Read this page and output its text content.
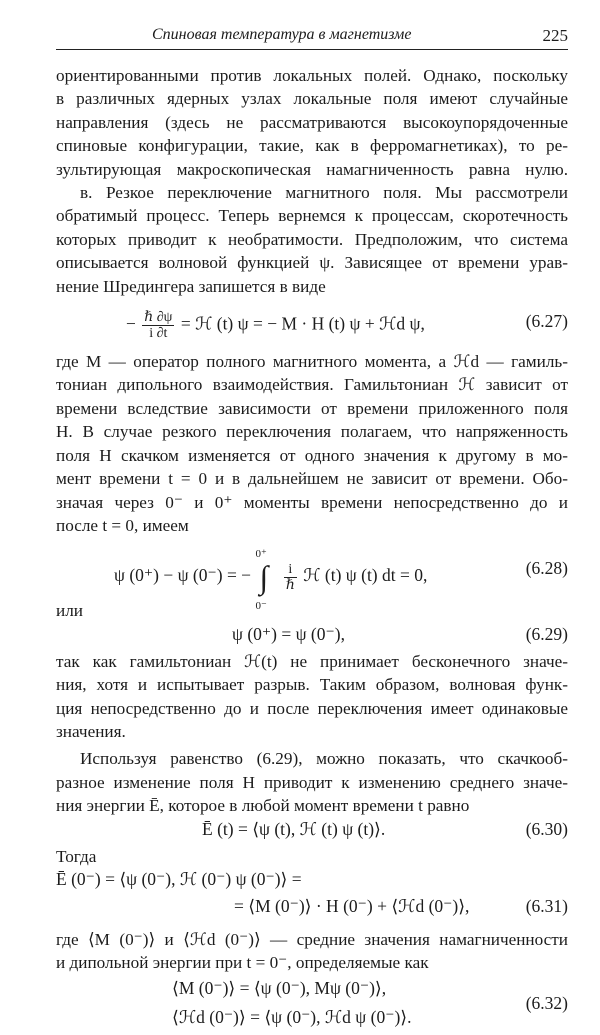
Спиновая температура в магнетизме	225

ориентированными против локальных полей. Однако, поскольку

в различных ядерных узлах локальные поля имеют случайные

направления (здесь не рассматриваются высокоупорядоченные

спиновые конфигурации, такие, как в ферромагнетиках), то ре-

зультирующая макроскопическая намагниченность равна нулю.

в. Резкое переключение магнитного поля. Мы рассмотрели

обратимый процесс. Теперь вернемся к процессам, скоротечность

которых приводит к необратимости. Предположим, что система

описывается волновой функцией ψ. Зависящее от времени урав-

нение Шредингера запишется в виде

− $\frac{\text{ℏ ∂ψ}}{i \partial t}$ = ℋ (t) ψ = − M · H (t) ψ + ℋd ψ,	(6.27)

где M — оператор полного магнитного момента, а ℋd — гамиль-

тониан дипольного взаимодействия. Гамильтониан ℋ зависит от

времени вследствие зависимости от времени приложенного поля

H. В случае резкого переключения полагаем, что напряженность

поля H скачком изменяется от одного значения к другому в мо-

мент времени t = 0 и в дальнейшем не зависит от времени. Обо-

значая через 0⁻ и 0⁺ моменты времени непосредственно до и

после t = 0, имеем

ψ (0⁺) − ψ (0⁻) = −
0⁺
∫
0⁻

$\frac{i}{\text{ℏ}}$ ℋ (t) ψ (t) dt = 0,	(6.28)

или

ψ (0⁺) = ψ (0⁻),	(6.29)

так как гамильтониан ℋ(t) не принимает бесконечного значе-

ния, хотя и испытывает разрыв. Таким образом, волновая функ-

ция непосредственно до и после переключения имеет одинаковые

значения.

Используя равенство (6.29), можно показать, что скачкооб-

разное изменение поля H приводит к изменению среднего значе-

ния энергии Ē, которое в любой момент времени t равно

Ē (t) = ⟨ψ (t), ℋ (t) ψ (t)⟩.	(6.30)

Тогда

Ē (0⁻) = ⟨ψ (0⁻), ℋ (0⁻) ψ (0⁻)⟩ =
= ⟨M (0⁻)⟩ · H (0⁻) + ⟨ℋd (0⁻)⟩,	(6.31)

где ⟨M (0⁻)⟩ и ⟨ℋd (0⁻)⟩ — средние значения намагниченности

и дипольной энергии при t = 0⁻, определяемые как

⟨M (0⁻)⟩ = ⟨ψ (0⁻), Mψ (0⁻)⟩,
⟨ℋd (0⁻)⟩ = ⟨ψ (0⁻), ℋd ψ (0⁻)⟩.
(6.32)
